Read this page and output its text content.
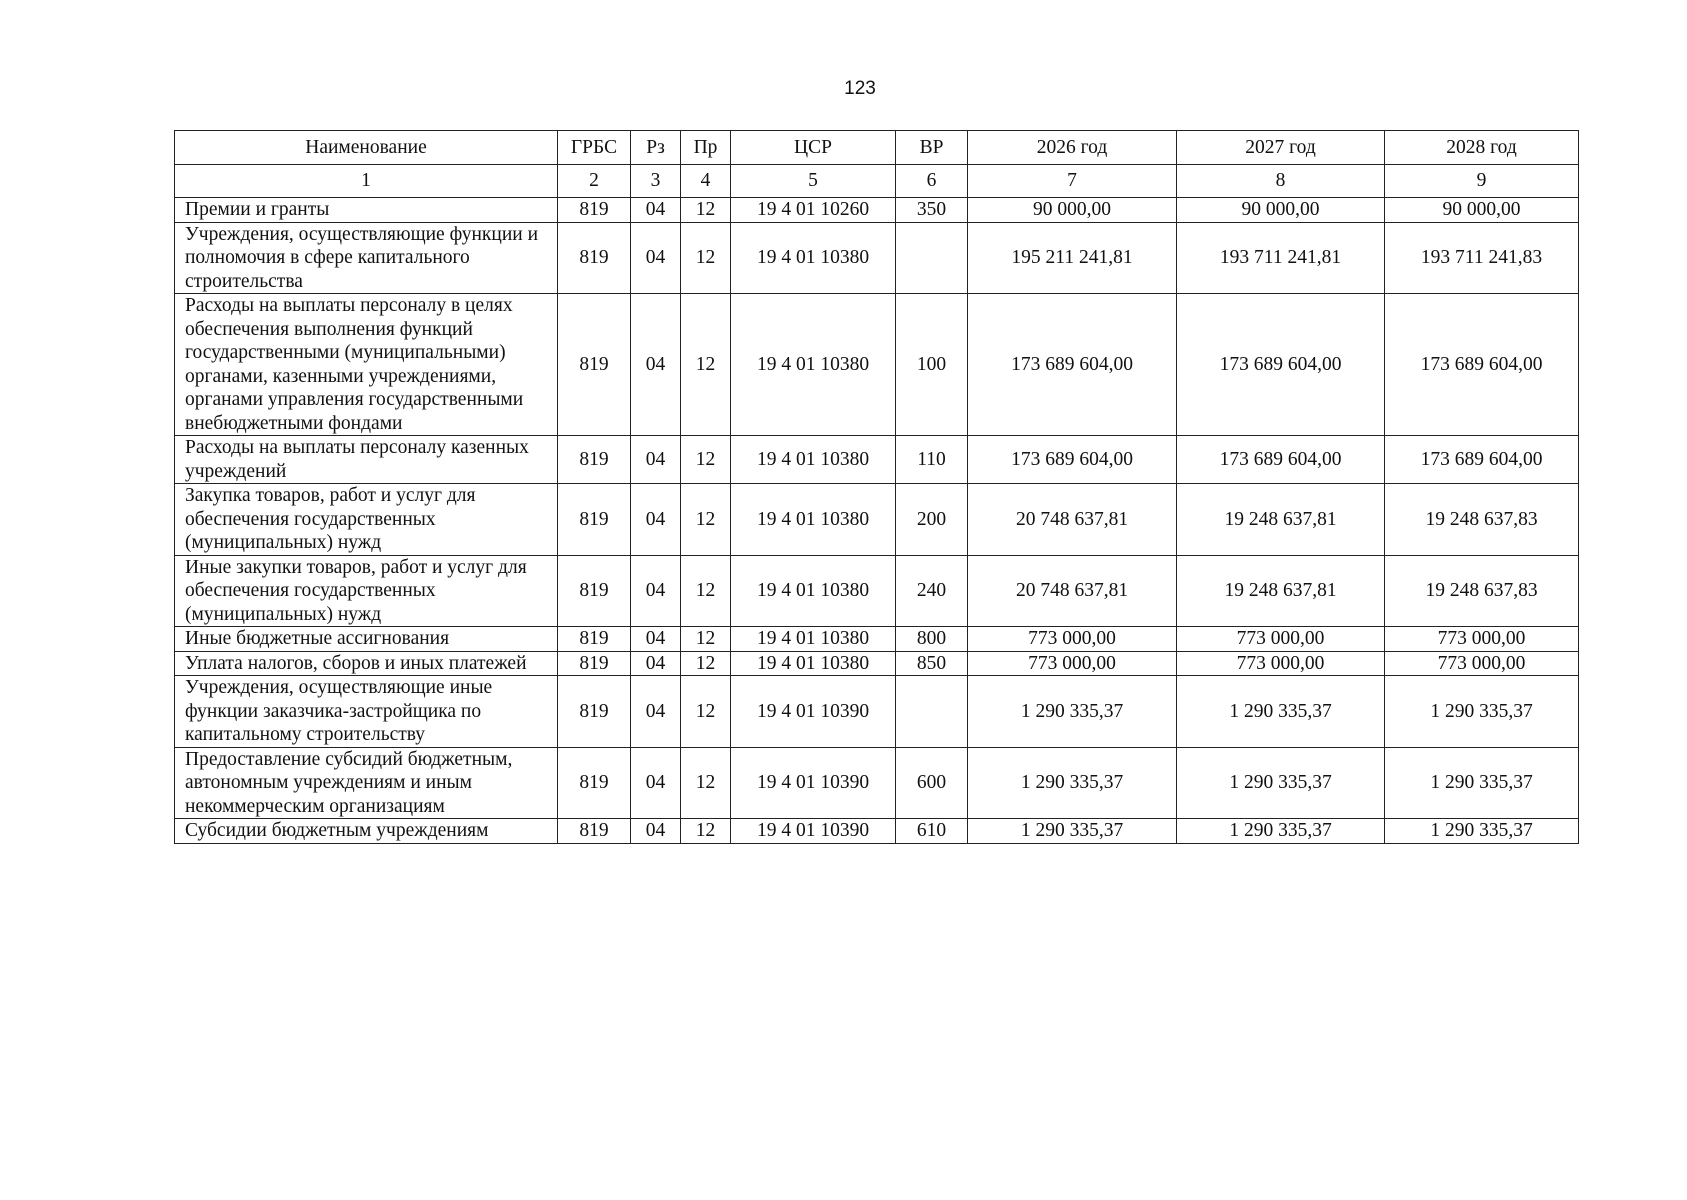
123
Наименование	ГРБС	Рз	Пр	ЦСР	ВР	2026 год	2027 год	2028 год
1	2	3	4	5	6	7	8	9
Премии и гранты	819	04	12	19 4 01 10260	350	90 000,00	90 000,00	90 000,00
Учреждения, осуществляющие функции и полномочия в сфере капитального строительства	819	04	12	19 4 01 10380		195 211 241,81	193 711 241,81	193 711 241,83
Расходы на выплаты персоналу в целях обеспечения выполнения функций государственными (муниципальными) органами, казенными учреждениями, органами управления государственными внебюджетными фондами	819	04	12	19 4 01 10380	100	173 689 604,00	173 689 604,00	173 689 604,00
Расходы на выплаты персоналу казенных учреждений	819	04	12	19 4 01 10380	110	173 689 604,00	173 689 604,00	173 689 604,00
Закупка товаров, работ и услуг для обеспечения государственных (муниципальных) нужд	819	04	12	19 4 01 10380	200	20 748 637,81	19 248 637,81	19 248 637,83
Иные закупки товаров, работ и услуг для обеспечения государственных (муниципальных) нужд	819	04	12	19 4 01 10380	240	20 748 637,81	19 248 637,81	19 248 637,83
Иные бюджетные ассигнования	819	04	12	19 4 01 10380	800	773 000,00	773 000,00	773 000,00
Уплата налогов, сборов и иных платежей	819	04	12	19 4 01 10380	850	773 000,00	773 000,00	773 000,00
Учреждения, осуществляющие иные функции заказчика-застройщика по капитальному строительству	819	04	12	19 4 01 10390		1 290 335,37	1 290 335,37	1 290 335,37
Предоставление субсидий бюджетным, автономным учреждениям и иным некоммерческим организациям	819	04	12	19 4 01 10390	600	1 290 335,37	1 290 335,37	1 290 335,37
Субсидии бюджетным учреждениям	819	04	12	19 4 01 10390	610	1 290 335,37	1 290 335,37	1 290 335,37
